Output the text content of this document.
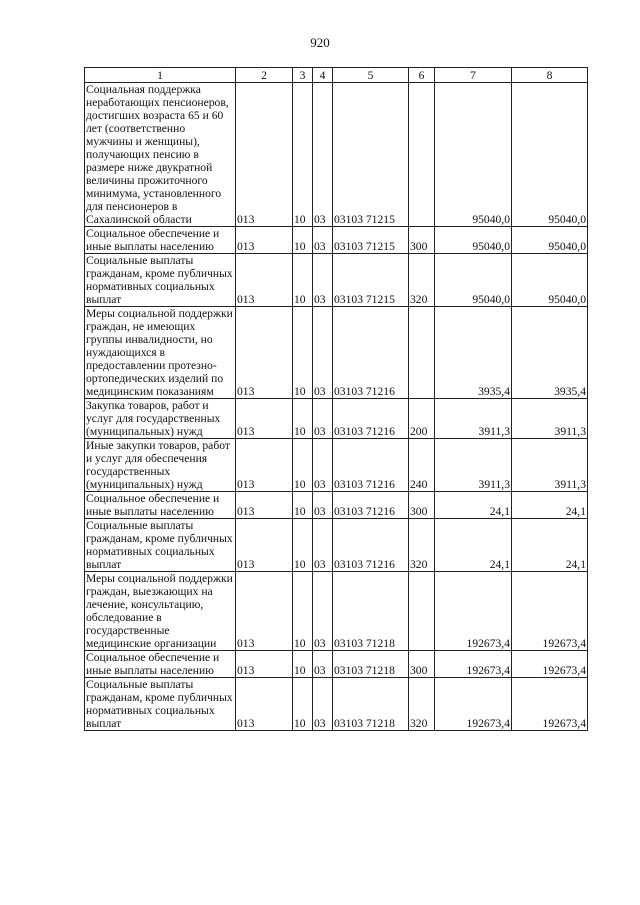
920
1	2	3	4	5	6	7	8
Социальная поддержка неработающих пенсионеров, достигших возраста 65 и 60 лет (соответственно мужчины и женщины), получающих пенсию в размере ниже двукратной величины прожиточного минимума, установленного для пенсионеров в Сахалинской области	013	10	03	03103 71215		95040,0	95040,0
Социальное обеспечение и иные выплаты населению	013	10	03	03103 71215	300	95040,0	95040,0
Социальные выплаты гражданам, кроме публичных нормативных социальных выплат	013	10	03	03103 71215	320	95040,0	95040,0
Меры социальной поддержки граждан, не имеющих группы инвалидности, но нуждающихся в предоставлении протезно-ортопедических изделий по медицинским показаниям	013	10	03	03103 71216		3935,4	3935,4
Закупка товаров, работ и услуг для государственных (муниципальных) нужд	013	10	03	03103 71216	200	3911,3	3911,3
Иные закупки товаров, работ и услуг для обеспечения государственных (муниципальных) нужд	013	10	03	03103 71216	240	3911,3	3911,3
Социальное обеспечение и иные выплаты населению	013	10	03	03103 71216	300	24,1	24,1
Социальные выплаты гражданам, кроме публичных нормативных социальных выплат	013	10	03	03103 71216	320	24,1	24,1
Меры социальной поддержки граждан, выезжающих на лечение, консультацию, обследование в государственные медицинские организации	013	10	03	03103 71218		192673,4	192673,4
Социальное обеспечение и иные выплаты населению	013	10	03	03103 71218	300	192673,4	192673,4
Социальные выплаты гражданам, кроме публичных нормативных социальных выплат	013	10	03	03103 71218	320	192673,4	192673,4
